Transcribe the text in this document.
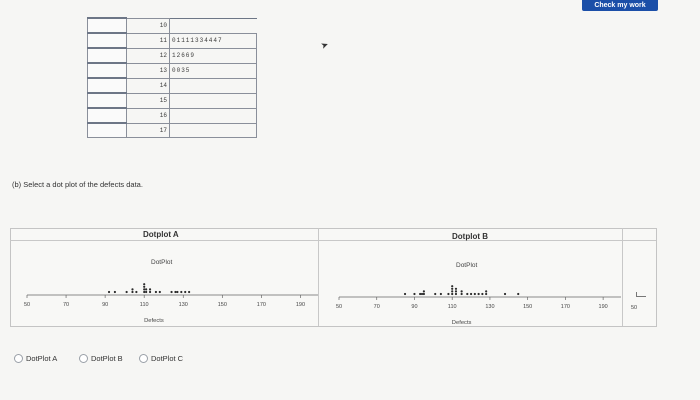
Check my work
	10	
	11	01111334447
	12	12669
	13	0035
	14	
	15	
	16	
	17	
➤
(b) Select a dot plot of the defects data.
Dotplot A	Dotplot B
DotPlot	DotPlot
50	70	90	110	130	150	170	190
Defects
50	70	90	110	130	150	170	190
Defects
50
DotPlot A	DotPlot B	DotPlot C
